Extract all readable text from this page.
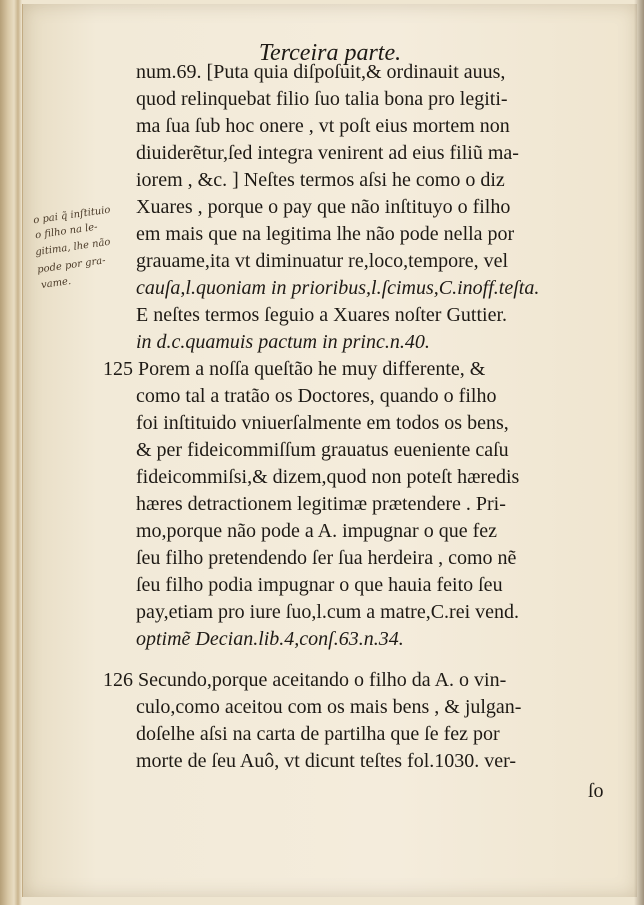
Terceira parte.
num.69. [Puta quia diſpoſuit,& ordinauit auus,
quod relinquebat filio ſuo talia bona pro legiti-
ma ſua ſub hoc onere , vt poſt eius mortem non
diuiderẽtur,ſed integra venirent ad eius filiũ ma-
iorem , &c. ] Neſtes termos aſsi he como o diz
Xuares , porque o pay que não inſtituyo o filho
em mais que na legitima lhe não pode nella por
grauame,ita vt diminuatur re,loco,tempore, vel
cauſa,l.quoniam in prioribus,l.ſcimus,C.inoff.teſta.
E neſtes termos ſeguio a Xuares noſter Guttier.
in d.c.quamuis pactum in princ.n.40.
125 Porem a noſſa queſtão he muy differente, &
como tal a tratão os Doctores, quando o filho
foi inſtituido vniuerſalmente em todos os bens,
& per fideicommiſſum grauatus eueniente caſu
fideicommiſsi,& dizem,quod non poteſt hæredis
hæres detractionem legitimæ prætendere . Pri-
mo,porque não pode a A. impugnar o que fez
ſeu filho pretendendo ſer ſua herdeira , como nẽ
ſeu filho podia impugnar o que hauia feito ſeu
pay,etiam pro iure ſuo,l.cum a matre,C.rei vend.
optimẽ Decian.lib.4,conſ.63.n.34.
126 Secundo,porque aceitando o filho da A. o vin-
culo,como aceitou com os mais bens , & julgan-
doſelhe aſsi na carta de partilha que ſe fez por
morte de ſeu Auô, vt dicunt teſtes fol.1030. ver-
ſo
o pai q̃ inſtituio
o filho na le-
gitima, lhe não
pode por gra-
vame.
